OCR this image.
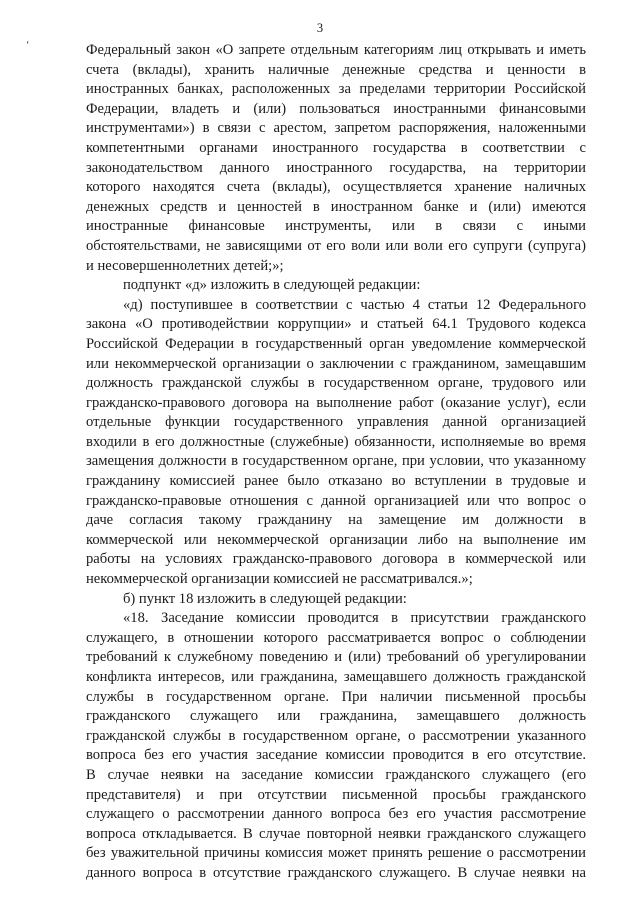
3
‘	Федеральный закон «О запрете отдельным категориям лиц открывать и иметь
счета (вклады), хранить наличные денежные средства и ценности в
иностранных банках, расположенных за пределами территории Российской
Федерации, владеть и (или) пользоваться иностранными финансовыми
инструментами») в связи с арестом, запретом распоряжения, наложенными
компетентными органами иностранного государства в соответствии с
законодательством данного иностранного государства, на территории
которого находятся счета (вклады), осуществляется хранение наличных
денежных средств и ценностей в иностранном банке и (или) имеются
иностранные финансовые инструменты, или в связи с иными
обстоятельствами, не зависящими от его воли или воли его супруги (супруга)
и несовершеннолетних детей;»;
подпункт «д» изложить в следующей редакции:
«д) поступившее в соответствии с частью 4 статьи 12 Федерального
закона «О противодействии коррупции» и статьей 64.1 Трудового кодекса
Российской Федерации в государственный орган уведомление коммерческой
или некоммерческой организации о заключении с гражданином, замещавшим
должность гражданской службы в государственном органе, трудового или
гражданско-правового договора на выполнение работ (оказание услуг), если
отдельные функции государственного управления данной организацией
входили в его должностные (служебные) обязанности, исполняемые во время
замещения должности в государственном органе, при условии, что указанному
гражданину комиссией ранее было отказано во вступлении в трудовые и
гражданско-правовые отношения с данной организацией или что вопрос о
даче согласия такому гражданину на замещение им должности в
коммерческой или некоммерческой организации либо на выполнение им
работы на условиях гражданско-правового договора в коммерческой или
некоммерческой организации комиссией не рассматривался.»;
б) пункт 18 изложить в следующей редакции:
«18. Заседание комиссии проводится в присутствии гражданского
служащего, в отношении которого рассматривается вопрос о соблюдении
требований к служебному поведению и (или) требований об урегулировании
конфликта интересов, или гражданина, замещавшего должность гражданской
службы в государственном органе. При наличии письменной просьбы
гражданского служащего или гражданина, замещавшего должность
гражданской службы в государственном органе, о рассмотрении указанного
вопроса без его участия заседание комиссии проводится в его отсутствие.
В случае неявки на заседание комиссии гражданского служащего (его
представителя) и при отсутствии письменной просьбы гражданского
служащего о рассмотрении данного вопроса без его участия рассмотрение
вопроса откладывается. В случае повторной неявки гражданского служащего
без уважительной причины комиссия может принять решение о рассмотрении
данного вопроса в отсутствие гражданского служащего. В случае неявки на
